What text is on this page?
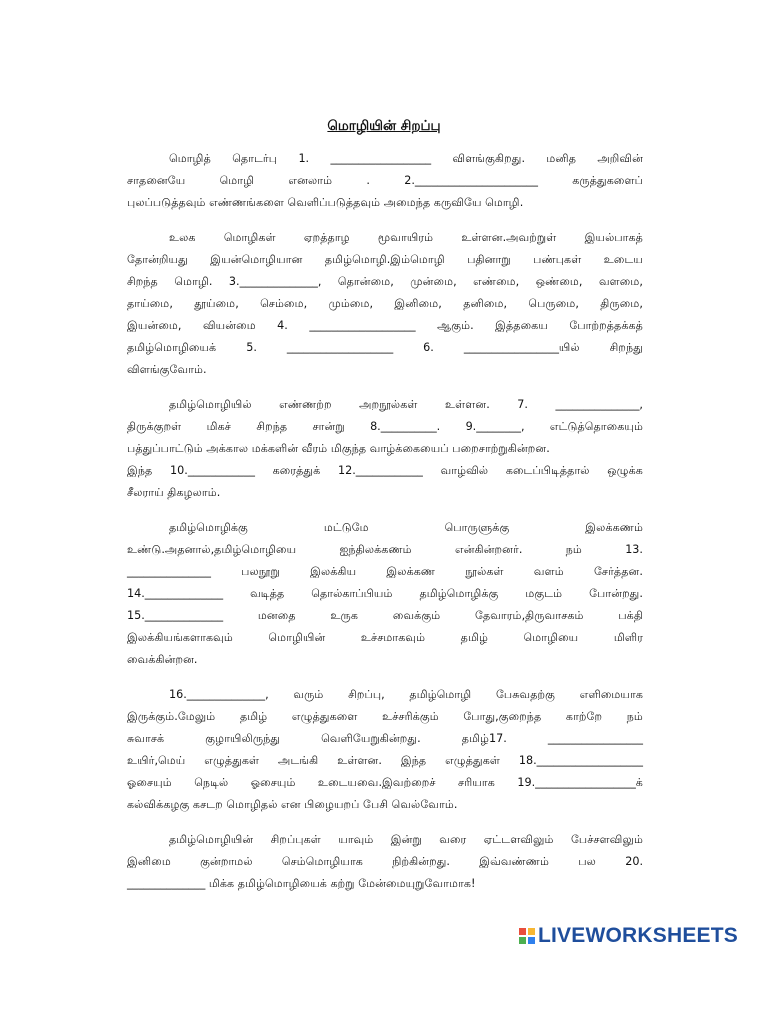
மொழியின் சிறப்பு
மொழித் தொடர்பு 1. __________________ விளங்குகிறது. மனித அறிவின்
சாதனையே	மொழி	எனலாம்	.	2.______________________	கருத்துகளைப்
புலப்படுத்தவும் எண்ணங்களை வெளிப்படுத்தவும் அமைந்த கருவியே மொழி.
உலக	மொழிகள்	ஏறத்தாழ	மூவாயிரம்	உள்ளன.அவற்றுள்	இயல்பாகத்
தோன்றியது இயன்மொழியான தமிழ்மொழி.இம்மொழி பதினாறு பண்புகள் உடைய
சிறந்த மொழி. 3.______________, தொன்மை, முன்மை, எண்மை, ஒண்மை, வளமை,
தாய்மை, தூய்மை, செம்மை, மும்மை, இனிமை, தனிமை, பெருமை, திருமை,
இயன்மை, வியன்மை 4. ___________________ ஆகும். இத்தகைய போற்றத்தக்கத்
தமிழ்மொழியைக்	5.	___________________	6.	_________________யில்	சிறந்து
விளங்குவோம்.
தமிழ்மொழியில் எண்ணற்ற அறநூல்கள் உள்ளன. 7. _______________,
திருக்குறள் மிகச் சிறந்த சான்று 8.__________. 9.________, எட்டுத்தொகையும்
பத்துப்பாட்டும் அக்கால மக்களின் வீரம் மிகுந்த வாழ்க்கையைப் பறைசாற்றுகின்றன.
இந்த 10.____________ கரைத்துக் 12.____________ வாழ்வில் கடைப்பிடித்தால் ஒழுக்க
சீலராய் திகழலாம்.
தமிழ்மொழிக்கு	மட்டுமே	பொருளுக்கு	இலக்கணம்
உண்டு.அதனால்,தமிழ்மொழியை	ஐந்திலக்கணம்	என்கின்றனர்.	நம்	13.
_______________	பலநூறு	இலக்கிய	இலக்கண	நூல்கள்	வளம்	சேர்த்தன.
14.______________ வடித்த தொல்காப்பியம் தமிழ்மொழிக்கு மகுடம் போன்றது.
15.______________	மனதை	உருக	வைக்கும்	தேவாரம்,திருவாசகம்	பக்தி
இலக்கியங்களாகவும்	மொழியின்	உச்சமாகவும்	தமிழ்	மொழியை	மிளிர
வைக்கின்றன.
16.______________, வரும் சிறப்பு, தமிழ்மொழி பேசுவதற்கு எளிமையாக
இருக்கும்.மேலும் தமிழ் எழுத்துகளை உச்சரிக்கும் போது,குறைந்த காற்றே நம்
சுவாசக்	குழாயிலிருந்து	வெளியேறுகின்றது.	தமிழ்17.	_________________
உயிர்,மெய் எழுத்துகள் அடங்கி உள்ளன. இந்த எழுத்துகள் 18.___________________
ஓசையும் நெடில் ஓசையும் உடையவை.இவற்றைச் சரியாக 19.__________________க்
கல்விக்கழகு கசடற மொழிதல் என பிழையறப் பேசி வெல்வோம்.
தமிழ்மொழியின் சிறப்புகள் யாவும் இன்று வரை ஏட்டளவிலும் பேச்சளவிலும்
இனிமை	குன்றாமல்	செம்மொழியாக	நிற்கின்றது.	இவ்வண்ணம்	பல	20.
______________ மிக்க தமிழ்மொழியைக் கற்று மேன்மையுறுவோமாக!
LIVEWORKSHEETS
